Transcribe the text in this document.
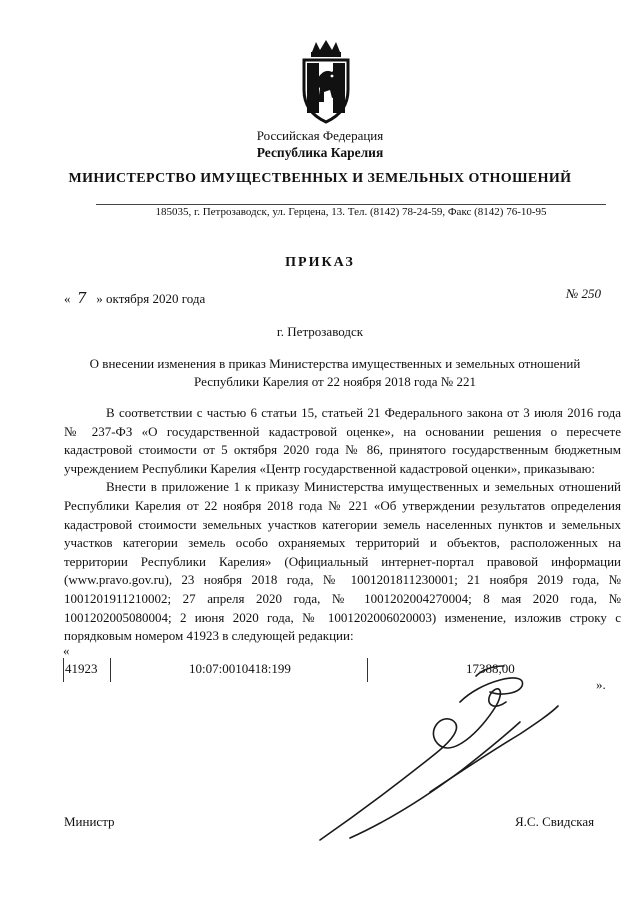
Российская Федерация
Республика Карелия
МИНИСТЕРСТВО ИМУЩЕСТВЕННЫХ И ЗЕМЕЛЬНЫХ ОТНОШЕНИЙ
185035, г. Петрозаводск, ул. Герцена, 13. Тел. (8142) 78-24-59, Факс (8142) 76-10-95
ПРИКАЗ
« 7 » октября 2020 года	№ 250
г. Петрозаводск
О внесении изменения в приказ Министерства имущественных и земельных отношений Республики Карелия от 22 ноября 2018 года № 221

В соответствии с частью 6 статьи 15, статьей 21 Федерального закона от 3 июля 2016 года № 237-ФЗ «О государственной кадастровой оценке», на основании решения о пересчете кадастровой стоимости от 5 октября 2020 года № 86, принятого государственным бюджетным учреждением Республики Карелия «Центр государственной кадастровой оценки», приказываю:

Внести в приложение 1 к приказу Министерства имущественных и земельных отношений Республики Карелия от 22 ноября 2018 года № 221 «Об утверждении результатов определения кадастровой стоимости земельных участков категории земель населенных пунктов и земельных участков категории земель особо охраняемых территорий и объектов, расположенных на территории Республики Карелия» (Официальный интернет-портал правовой информации (www.pravo.gov.ru), 23 ноября 2018 года, № 1001201811230001; 21 ноября 2019 года, № 1001201911210002; 27 апреля 2020 года, № 1001202004270004; 8 мая 2020 года, № 1001202005080004; 2 июня 2020 года, № 1001202006020003) изменение, изложив строку с порядковым номером 41923 в следующей редакции:

«
41923	10:07:0010418:199	17388,00
».
Министр	Я.С. Свидская
